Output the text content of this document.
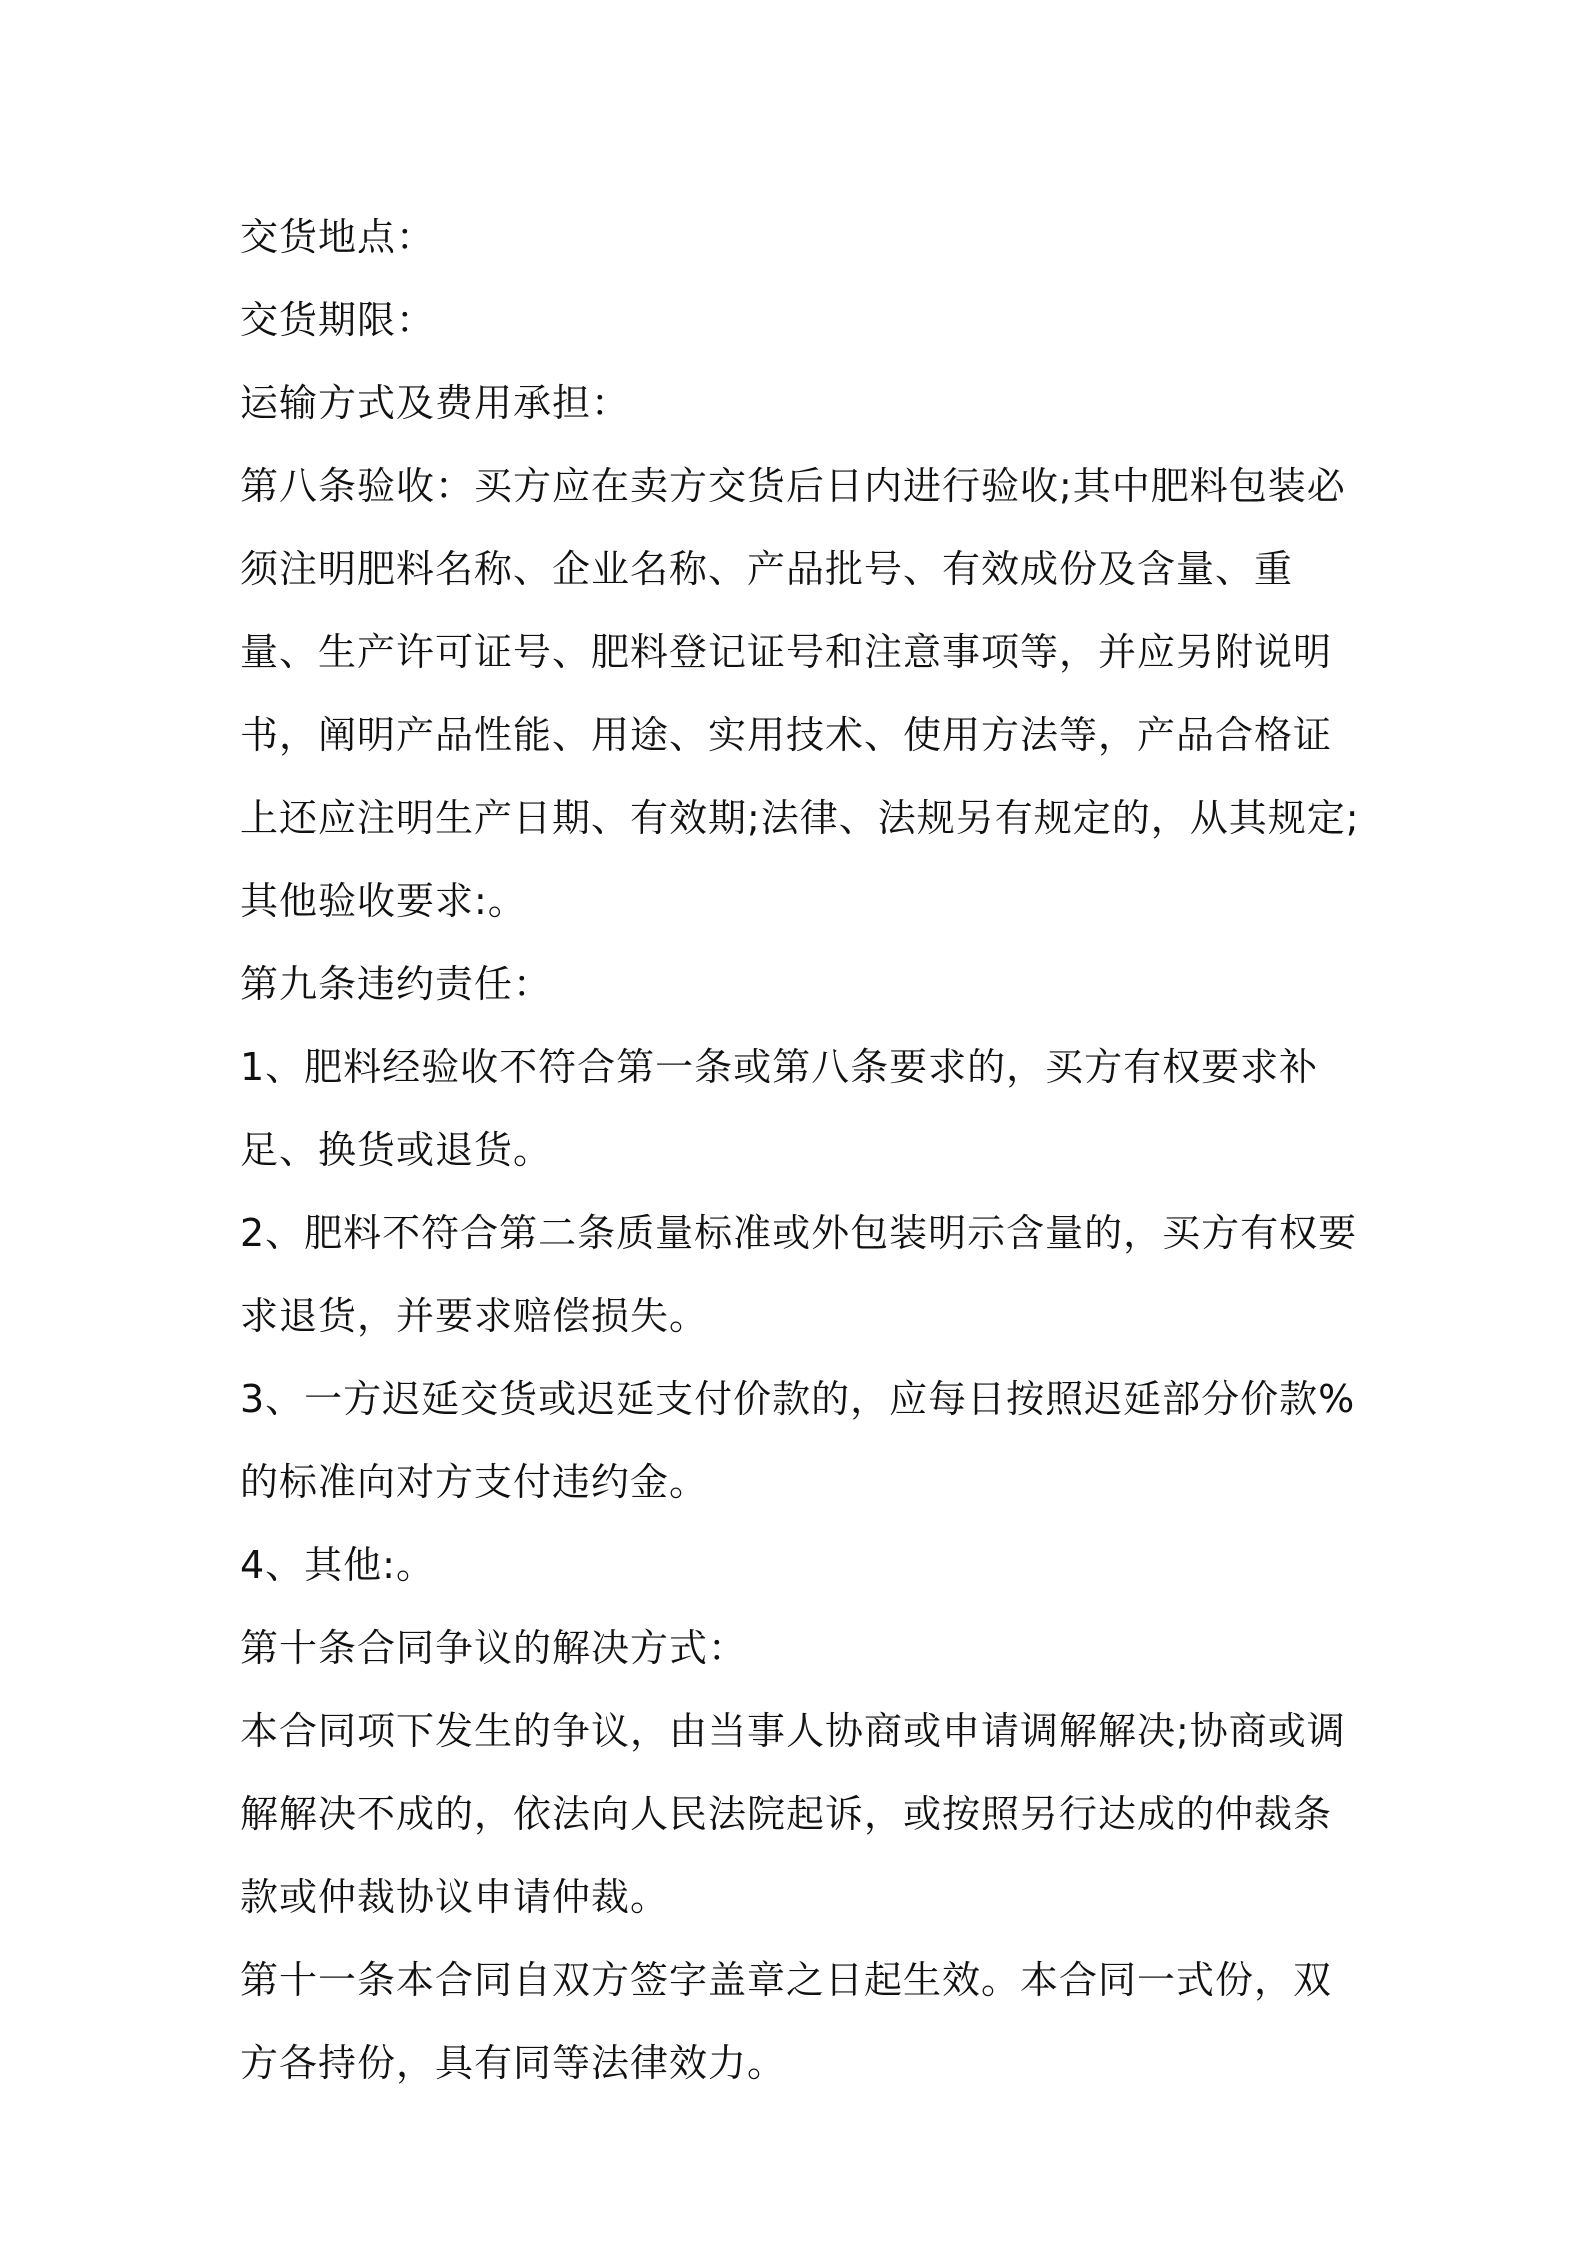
交货地点：

交货期限：

运输方式及费用承担：

第八条验收：买方应在卖方交货后日内进行验收;其中肥料包装必须注明肥料名称、企业名称、产品批号、有效成份及含量、重量、生产许可证号、肥料登记证号和注意事项等，并应另附说明书，阐明产品性能、用途、实用技术、使用方法等，产品合格证上还应注明生产日期、有效期;法律、法规另有规定的，从其规定;其他验收要求:。

第九条违约责任：

1、肥料经验收不符合第一条或第八条要求的，买方有权要求补足、换货或退货。

2、肥料不符合第二条质量标准或外包装明示含量的，买方有权要求退货，并要求赔偿损失。

3、一方迟延交货或迟延支付价款的，应每日按照迟延部分价款%的标准向对方支付违约金。

4、其他:。

第十条合同争议的解决方式：

本合同项下发生的争议，由当事人协商或申请调解解决;协商或调解解决不成的，依法向人民法院起诉，或按照另行达成的仲裁条款或仲裁协议申请仲裁。

第十一条本合同自双方签字盖章之日起生效。本合同一式份，双方各持份，具有同等法律效力。
